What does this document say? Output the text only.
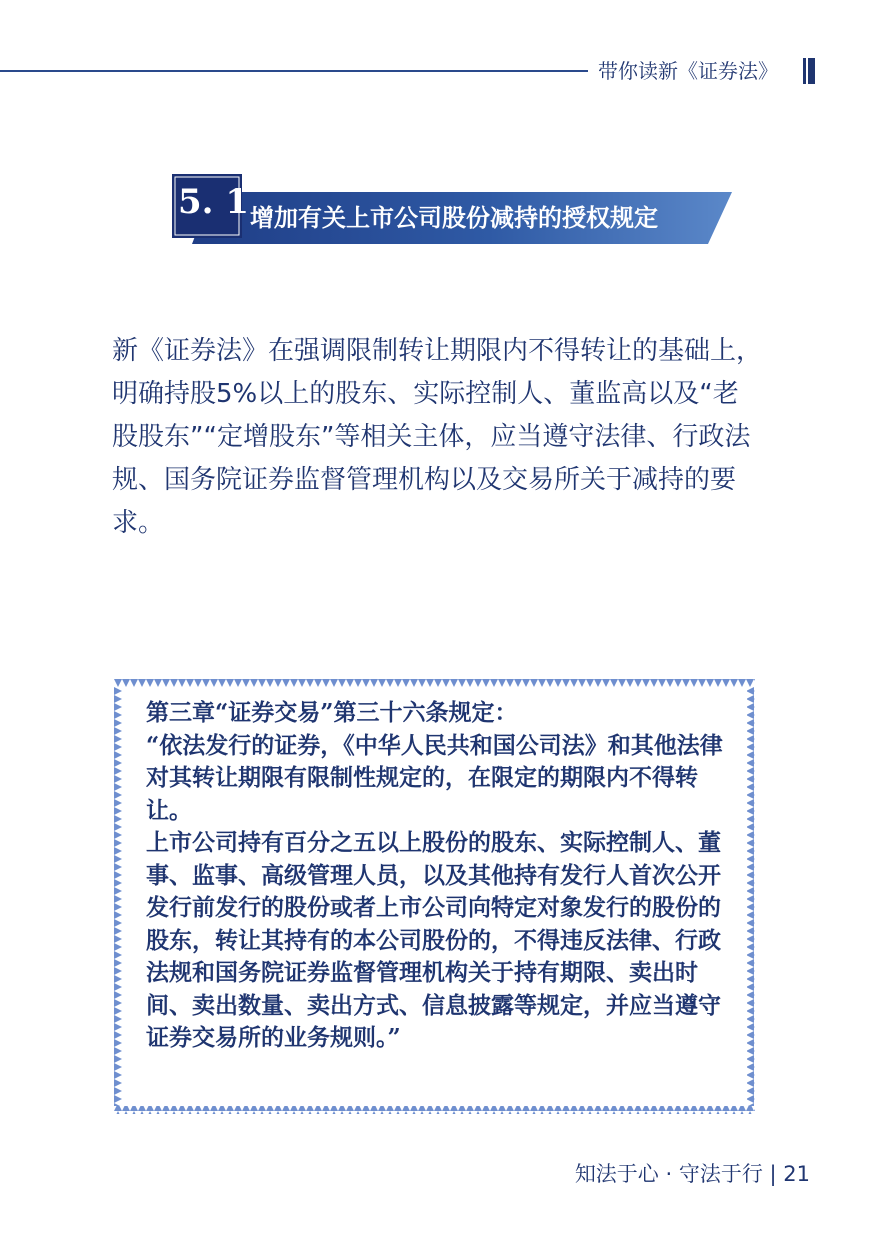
带你读新《证券法》
5. 1 增加有关上市公司股份减持的授权规定
新《证券法》在强调限制转让期限内不得转让的基础上，明确持股5%以上的股东、实际控制人、董监高以及“老股股东”“定增股东”等相关主体，应当遵守法律、行政法规、国务院证券监督管理机构以及交易所关于减持的要求。

第三章“证券交易”第三十六条规定：

“依法发行的证券，《中华人民共和国公司法》和其他法律对其转让期限有限制性规定的，在限定的期限内不得转让。

上市公司持有百分之五以上股份的股东、实际控制人、董事、监事、高级管理人员，以及其他持有发行人首次公开发行前发行的股份或者上市公司向特定对象发行的股份的股东，转让其持有的本公司股份的，不得违反法律、行政法规和国务院证券监督管理机构关于持有期限、卖出时间、卖出数量、卖出方式、信息披露等规定，并应当遵守证券交易所的业务规则。”

知法于心 · 守法于行 | 21
